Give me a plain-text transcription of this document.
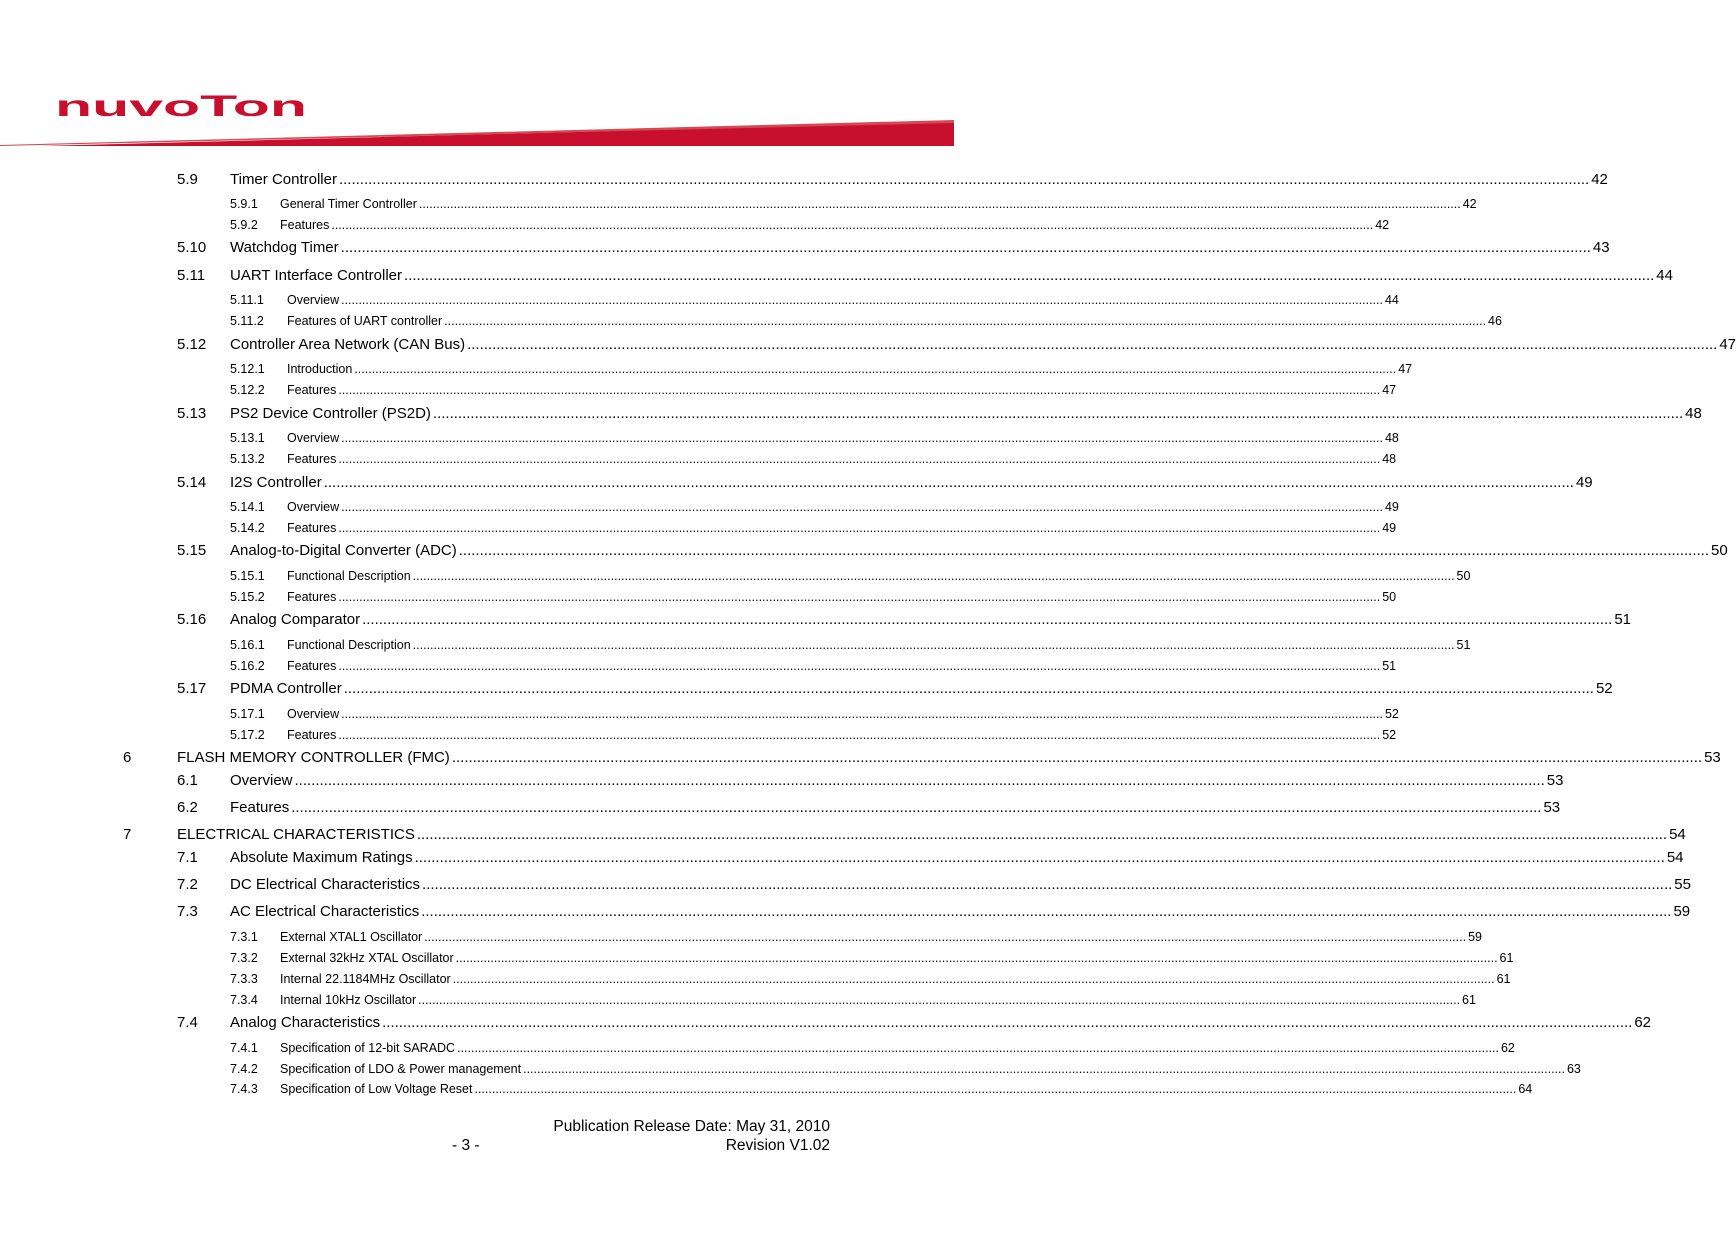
nuvoTon
5.9 Timer Controller ............................................................................................................................................................................................................................................................................................................ 42
5.9.1 General Timer Controller ............................................................................................................................................................................................................................................................................................................ 42
5.9.2 Features ............................................................................................................................................................................................................................................................................................................ 42
5.10 Watchdog Timer ............................................................................................................................................................................................................................................................................................................ 43
5.11 UART Interface Controller ............................................................................................................................................................................................................................................................................................................ 44
5.11.1 Overview ............................................................................................................................................................................................................................................................................................................ 44
5.11.2 Features of UART controller ............................................................................................................................................................................................................................................................................................................ 46
5.12 Controller Area Network (CAN Bus) ............................................................................................................................................................................................................................................................................................................ 47
5.12.1 Introduction ............................................................................................................................................................................................................................................................................................................ 47
5.12.2 Features ............................................................................................................................................................................................................................................................................................................ 47
5.13 PS2 Device Controller (PS2D) ............................................................................................................................................................................................................................................................................................................ 48
5.13.1 Overview ............................................................................................................................................................................................................................................................................................................ 48
5.13.2 Features ............................................................................................................................................................................................................................................................................................................ 48
5.14 I2S Controller ............................................................................................................................................................................................................................................................................................................ 49
5.14.1 Overview ............................................................................................................................................................................................................................................................................................................ 49
5.14.2 Features ............................................................................................................................................................................................................................................................................................................ 49
5.15 Analog-to-Digital Converter (ADC) ............................................................................................................................................................................................................................................................................................................ 50
5.15.1 Functional Description ............................................................................................................................................................................................................................................................................................................ 50
5.15.2 Features ............................................................................................................................................................................................................................................................................................................ 50
5.16 Analog Comparator ............................................................................................................................................................................................................................................................................................................ 51
5.16.1 Functional Description ............................................................................................................................................................................................................................................................................................................ 51
5.16.2 Features ............................................................................................................................................................................................................................................................................................................ 51
5.17 PDMA Controller ............................................................................................................................................................................................................................................................................................................ 52
5.17.1 Overview ............................................................................................................................................................................................................................................................................................................ 52
5.17.2 Features ............................................................................................................................................................................................................................................................................................................ 52
6	FLASH MEMORY CONTROLLER (FMC) ............................................................................................................................................................................................................................................................................................................ 53
6.1 Overview ............................................................................................................................................................................................................................................................................................................ 53
6.2 Features ............................................................................................................................................................................................................................................................................................................ 53
7	ELECTRICAL CHARACTERISTICS ............................................................................................................................................................................................................................................................................................................ 54
7.1 Absolute Maximum Ratings ............................................................................................................................................................................................................................................................................................................ 54
7.2 DC Electrical Characteristics ............................................................................................................................................................................................................................................................................................................ 55
7.3 AC Electrical Characteristics ............................................................................................................................................................................................................................................................................................................ 59
7.3.1 External XTAL1 Oscillator ............................................................................................................................................................................................................................................................................................................ 59
7.3.2 External 32kHz XTAL Oscillator ............................................................................................................................................................................................................................................................................................................ 61
7.3.3 Internal 22.1184MHz Oscillator ............................................................................................................................................................................................................................................................................................................ 61
7.3.4 Internal 10kHz Oscillator ............................................................................................................................................................................................................................................................................................................ 61
7.4 Analog Characteristics ............................................................................................................................................................................................................................................................................................................ 62
7.4.1 Specification of 12-bit SARADC ............................................................................................................................................................................................................................................................................................................ 62
7.4.2 Specification of LDO & Power management ............................................................................................................................................................................................................................................................................................................ 63
7.4.3 Specification of Low Voltage Reset ............................................................................................................................................................................................................................................................................................................ 64
Publication Release Date: May 31, 2010
- 3 -	Revision V1.02
